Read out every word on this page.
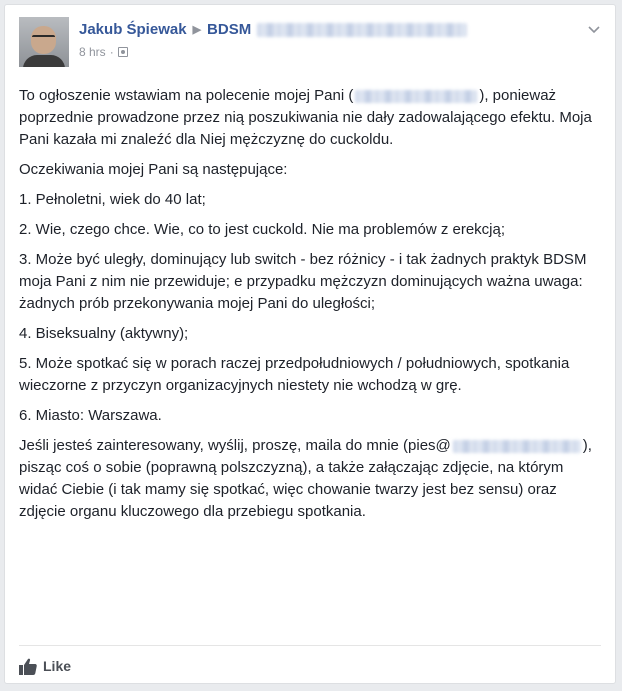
Jakub Śpiewak ▶ BDSM
8 hrs ·

To ogłoszenie wstawiam na polecenie mojej Pani (	), ponieważ poprzednie prowadzone przez nią poszukiwania nie dały zadowalającego efektu. Moja Pani kazała mi znaleźć dla Niej mężczyznę do cuckoldu.

Oczekiwania mojej Pani są następujące:

1. Pełnoletni, wiek do 40 lat;

2. Wie, czego chce. Wie, co to jest cuckold. Nie ma problemów z erekcją;

3. Może być uległy, dominujący lub switch - bez różnicy - i tak żadnych praktyk BDSM moja Pani z nim nie przewiduje; e przypadku mężczyzn dominujących ważna uwaga: żadnych prób przekonywania mojej Pani do uległości;

4. Biseksualny (aktywny);

5. Może spotkać się w porach raczej przedpołudniowych / południowych, spotkania wieczorne z przyczyn organizacyjnych niestety nie wchodzą w grę.

6. Miasto: Warszawa.

Jeśli jesteś zainteresowany, wyślij, proszę, maila do mnie (pies@	), pisząc coś o sobie (poprawną polszczyzną), a także załączając zdjęcie, na którym widać Ciebie (i tak mamy się spotkać, więc chowanie twarzy jest bez sensu) oraz zdjęcie organu kluczowego dla przebiegu spotkania.

Like
